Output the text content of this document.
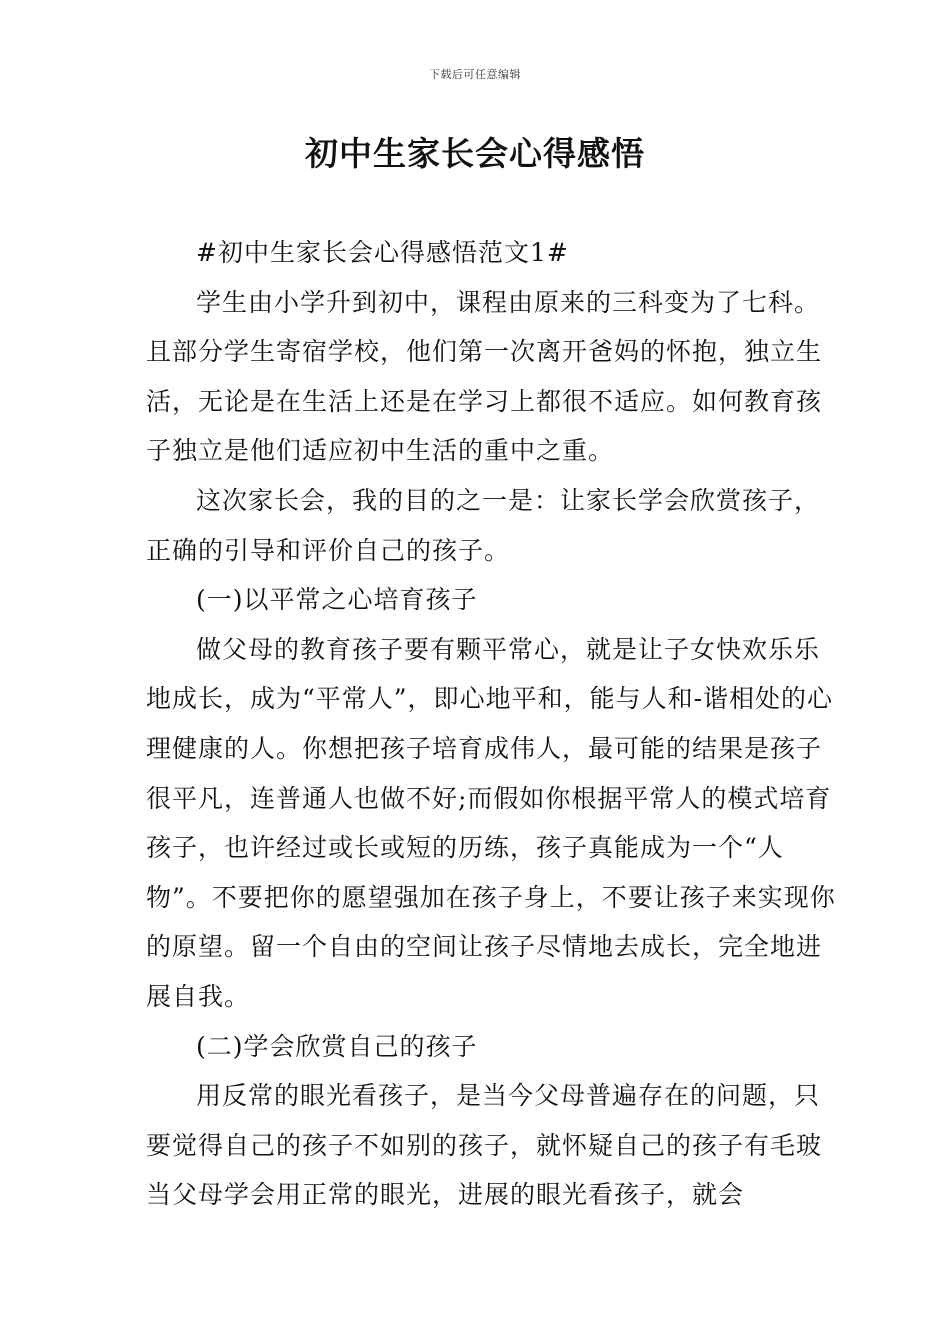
下载后可任意编辑
初中生家长会心得感悟

#初中生家长会心得感悟范文1#

学生由小学升到初中，课程由原来的三科变为了七科。且部分学生寄宿学校，他们第一次离开爸妈的怀抱，独立生活，无论是在生活上还是在学习上都很不适应。如何教育孩子独立是他们适应初中生活的重中之重。

这次家长会，我的目的之一是：让家长学会欣赏孩子，正确的引导和评价自己的孩子。

(一)以平常之心培育孩子

做父母的教育孩子要有颗平常心，就是让子女快欢乐乐地成长，成为“平常人”，即心地平和，能与人和-谐相处的心理健康的人。你想把孩子培育成伟人，最可能的结果是孩子很平凡，连普通人也做不好;而假如你根据平常人的模式培育孩子，也许经过或长或短的历练，孩子真能成为一个“人物”。不要把你的愿望强加在孩子身上，不要让孩子来实现你的原望。留一个自由的空间让孩子尽情地去成长，完全地进展自我。

(二)学会欣赏自己的孩子

用反常的眼光看孩子，是当今父母普遍存在的问题，只要觉得自己的孩子不如别的孩子，就怀疑自己的孩子有毛玻当父母学会用正常的眼光，进展的眼光看孩子，就会
